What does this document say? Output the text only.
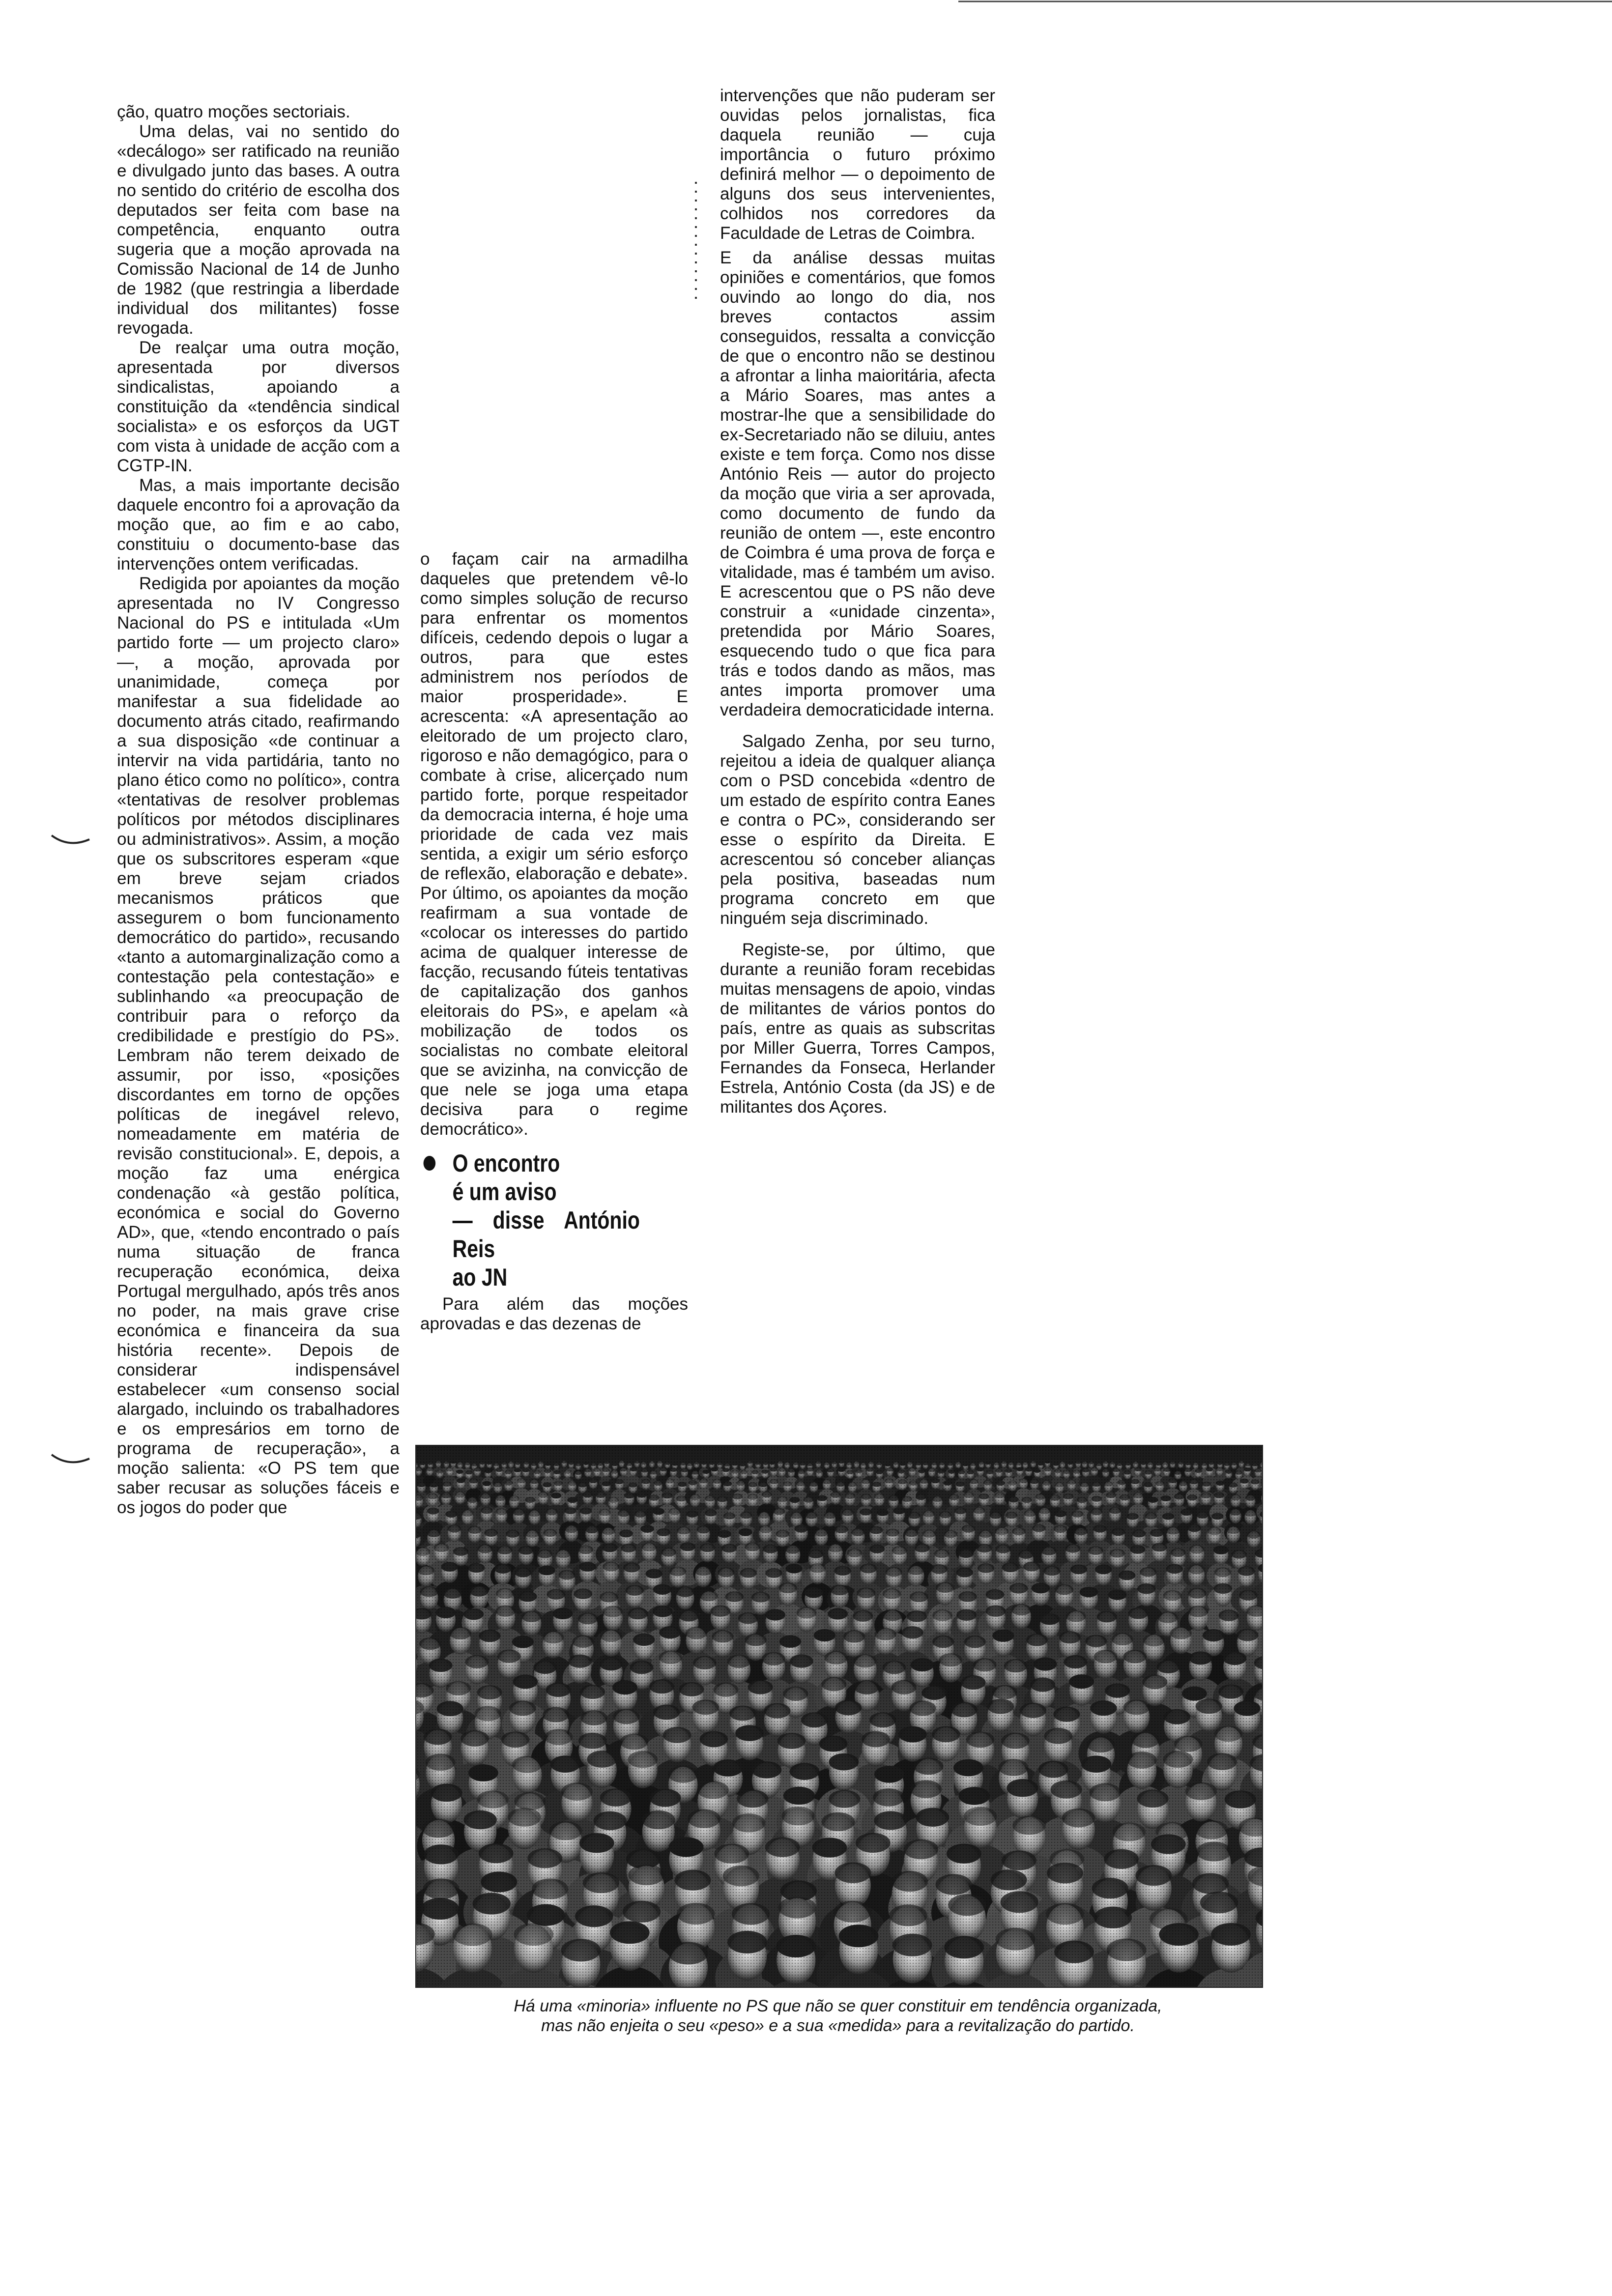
ção, quatro moções sectoriais.

Uma delas, vai no sentido do «decálogo» ser ratificado na reunião e divulgado junto das bases. A outra no sentido do critério de escolha dos deputados ser feita com base na competência, enquanto outra sugeria que a moção aprovada na Comissão Nacional de 14 de Junho de 1982 (que restringia a liberdade individual dos militantes) fosse revogada.

De realçar uma outra moção, apresentada por diversos sindicalistas, apoiando a constituição da «tendência sindical socialista» e os esforços da UGT com vista à unidade de acção com a CGTP-IN.

Mas, a mais importante decisão daquele encontro foi a aprovação da moção que, ao fim e ao cabo, constituiu o documento-base das intervenções ontem verificadas.

Redigida por apoiantes da moção apresentada no IV Congresso Nacional do PS e intitulada «Um partido forte — um projecto claro» —, a moção, aprovada por unanimidade, começa por manifestar a sua fidelidade ao documento atrás citado, reafirmando a sua disposição «de continuar a intervir na vida partidária, tanto no plano ético como no político», contra «tentativas de resolver problemas políticos por métodos disciplinares ou administrativos». Assim, a moção que os subscritores esperam «que em breve sejam criados mecanismos práticos que assegurem o bom funcionamento democrático do partido», recusando «tanto a automarginalização como a contestação pela contestação» e sublinhando «a preocupação de contribuir para o reforço da credibilidade e prestígio do PS». Lembram não terem deixado de assumir, por isso, «posições discordantes em torno de opções políticas de inegável relevo, nomeadamente em matéria de revisão constitucional». E, depois, a moção faz uma enérgica condenação «à gestão política, económica e social do Governo AD», que, «tendo encontrado o país numa situação de franca recuperação económica, deixa Portugal mergulhado, após três anos no poder, na mais grave crise económica e financeira da sua história recente». Depois de considerar indispensável estabelecer «um consenso social alargado, incluindo os trabalhadores e os empresários em torno de programa de recuperação», a moção salienta: «O PS tem que saber recusar as soluções fáceis e os jogos do poder que

o façam cair na armadilha daqueles que pretendem vê-lo como simples solução de recurso para enfrentar os momentos difíceis, cedendo depois o lugar a outros, para que estes administrem nos períodos de maior prosperidade». E acrescenta: «A apresentação ao eleitorado de um projecto claro, rigoroso e não demagógico, para o combate à crise, alicerçado num partido forte, porque respeitador da democracia interna, é hoje uma prioridade de cada vez mais sentida, a exigir um sério esforço de reflexão, elaboração e debate». Por último, os apoiantes da moção reafirmam a sua vontade de «colocar os interesses do partido acima de qualquer interesse de facção, recusando fúteis tentativas de capitalização dos ganhos eleitorais do PS», e apelam «à mobilização de todos os socialistas no combate eleitoral que se avizinha, na convicção de que nele se joga uma etapa decisiva para o regime democrático».

O encontro
é um aviso
— disse António Reis
ao JN

Para além das moções aprovadas e das dezenas de

intervenções que não puderam ser ouvidas pelos jornalistas, fica daquela reunião — cuja importância o futuro próximo definirá melhor — o depoimento de alguns dos seus intervenientes, colhidos nos corredores da Faculdade de Letras de Coimbra.

E da análise dessas muitas opiniões e comentários, que fomos ouvindo ao longo do dia, nos breves contactos assim conseguidos, ressalta a convicção de que o encontro não se destinou a afrontar a linha maioritária, afecta a Mário Soares, mas antes a mostrar-lhe que a sensibilidade do ex-Secretariado não se diluiu, antes existe e tem força. Como nos disse António Reis — autor do projecto da moção que viria a ser aprovada, como documento de fundo da reunião de ontem —, este encontro de Coimbra é uma prova de força e vitalidade, mas é também um aviso. E acrescentou que o PS não deve construir a «unidade cinzenta», pretendida por Mário Soares, esquecendo tudo o que fica para trás e todos dando as mãos, mas antes importa promover uma verdadeira democraticidade interna.

Salgado Zenha, por seu turno, rejeitou a ideia de qualquer aliança com o PSD concebida «dentro de um estado de espírito contra Eanes e contra o PC», considerando ser esse o espírito da Direita. E acrescentou só conceber alianças pela positiva, baseadas num programa concreto em que ninguém seja discriminado.

Registe-se, por último, que durante a reunião foram recebidas muitas mensagens de apoio, vindas de militantes de vários pontos do país, entre as quais as subscritas por Miller Guerra, Torres Campos, Fernandes da Fonseca, Herlander Estrela, António Costa (da JS) e de militantes dos Açores.

Há uma «minoria» influente no PS que não se quer constituir em tendência organizada,
mas não enjeita o seu «peso» e a sua «medida» para a revitalização do partido.
